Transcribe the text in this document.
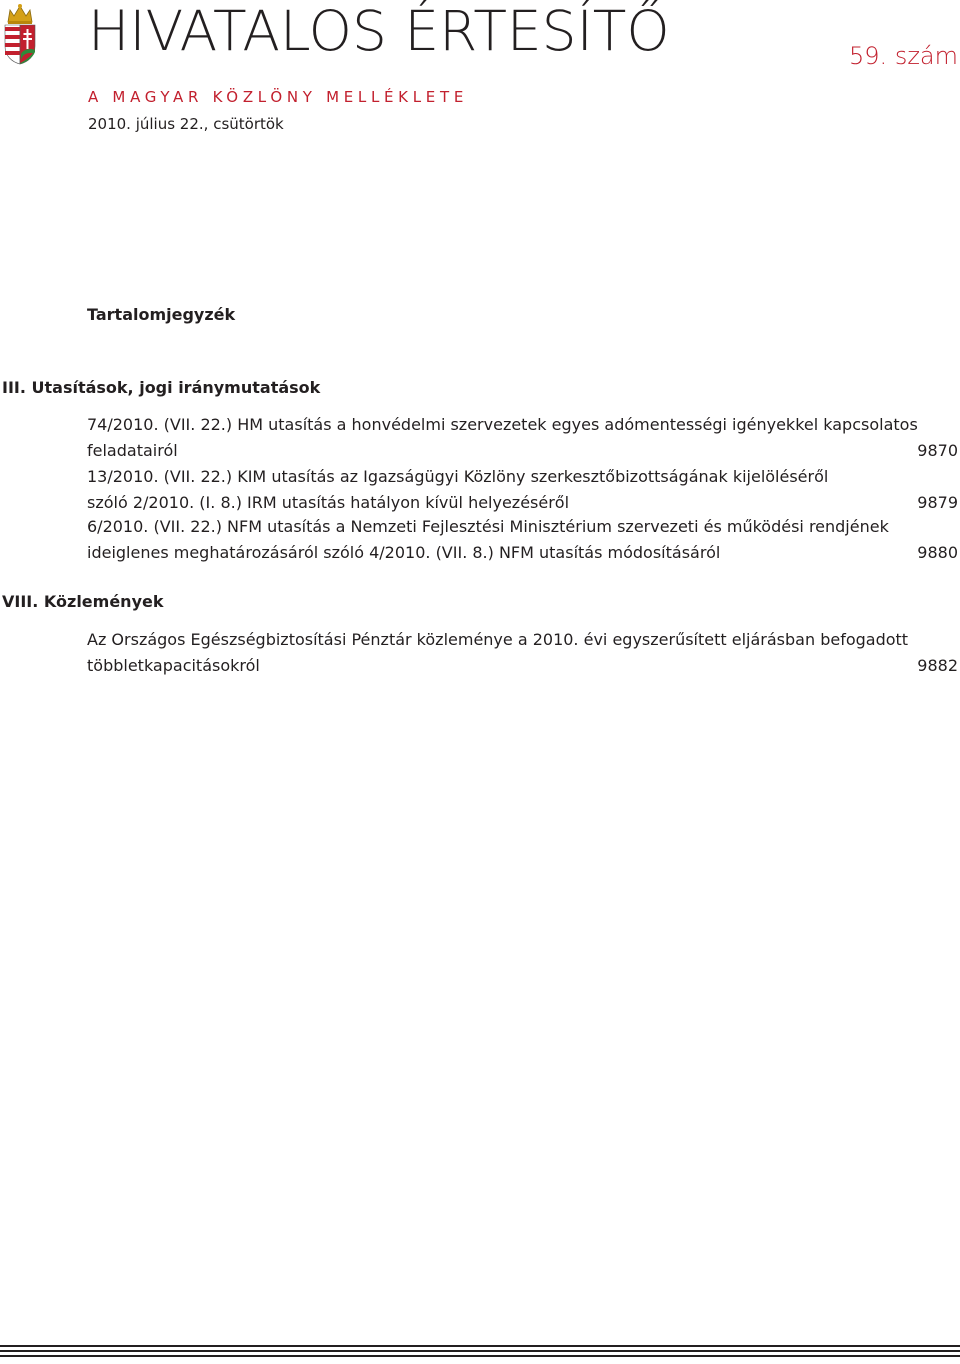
HIVATALOS ÉRTESÍTŐ	59. szám
A MAGYAR KÖZLÖNY MELLÉKLETE
2010. július 22., csütörtök
Tartalomjegyzék
III. Utasítások, jogi iránymutatások
74/2010. (VII. 22.) HM utasítás a honvédelmi szervezetek egyes adómentességi igényekkel kapcsolatos
feladatairól	9870
13/2010. (VII. 22.) KIM utasítás az Igazságügyi Közlöny szerkesztőbizottságának kijelöléséről
szóló 2/2010. (I. 8.) IRM utasítás hatályon kívül helyezéséről	9879
6/2010. (VII. 22.) NFM utasítás a Nemzeti Fejlesztési Minisztérium szervezeti és működési rendjének
ideiglenes meghatározásáról szóló 4/2010. (VII. 8.) NFM utasítás módosításáról	9880
VIII. Közlemények
Az Országos Egészségbiztosítási Pénztár közleménye a 2010. évi egyszerűsített eljárásban befogadott
többletkapacitásokról	9882
